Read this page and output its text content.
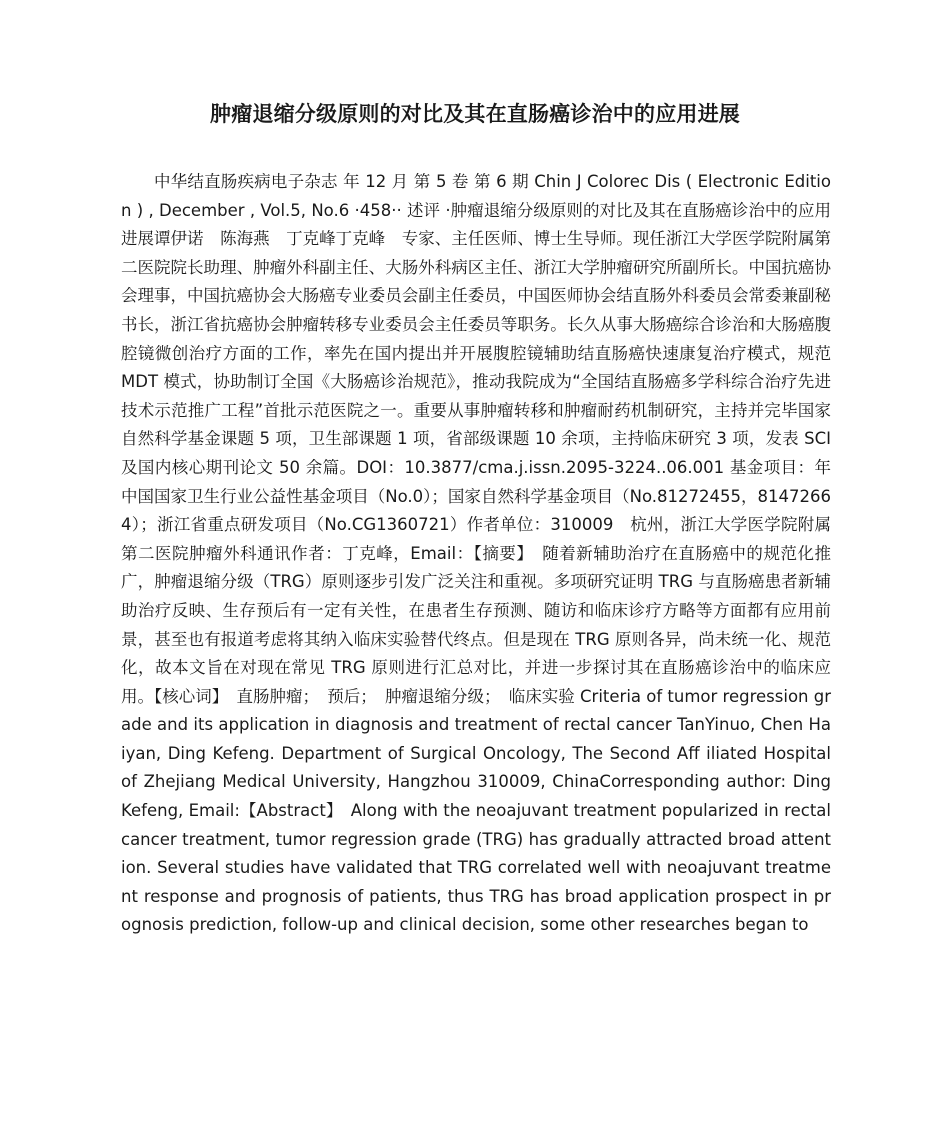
肿瘤退缩分级原则的对比及其在直肠癌诊治中的应用进展
中华结直肠疾病电子杂志 年 12 月 第 5 卷 第 6 期 Chin J Colorec Dis ( Electronic Edition ) , December , Vol.5, No.6 ·458·· 述评 ·肿瘤退缩分级原则的对比及其在直肠癌诊治中的应用进展谭伊诺　陈海燕　丁克峰丁克峰　专家、主任医师、博士生导师。现任浙江大学医学院附属第二医院院长助理、肿瘤外科副主任、大肠外科病区主任、浙江大学肿瘤研究所副所长。中国抗癌协会理事，中国抗癌协会大肠癌专业委员会副主任委员，中国医师协会结直肠外科委员会常委兼副秘书长，浙江省抗癌协会肿瘤转移专业委员会主任委员等职务。长久从事大肠癌综合诊治和大肠癌腹腔镜微创治疗方面的工作，率先在国内提出并开展腹腔镜辅助结直肠癌快速康复治疗模式，规范 MDT 模式，协助制订全国《大肠癌诊治规范》，推动我院成为“全国结直肠癌多学科综合治疗先进技术示范推广工程”首批示范医院之一。重要从事肿瘤转移和肿瘤耐药机制研究，主持并完毕国家自然科学基金课题 5 项，卫生部课题 1 项，省部级课题 10 余项，主持临床研究 3 项，发表 SCI 及国内核心期刊论文 50 余篇。DOI：10.3877/cma.j.issn.2095-3224..06.001 基金项目：年中国国家卫生行业公益性基金项目（No.0）；国家自然科学基金项目（No.81272455，81472664）；浙江省重点研发项目（No.CG1360721）作者单位：310009　杭州，浙江大学医学院附属第二医院肿瘤外科通讯作者：丁克峰，Email：【摘要】　随着新辅助治疗在直肠癌中的规范化推广，肿瘤退缩分级（TRG）原则逐步引发广泛关注和重视。多项研究证明 TRG 与直肠癌患者新辅助治疗反映、生存预后有一定有关性，在患者生存预测、随访和临床诊疗方略等方面都有应用前景，甚至也有报道考虑将其纳入临床实验替代终点。但是现在 TRG 原则各异，尚未统一化、规范化，故本文旨在对现在常见 TRG 原则进行汇总对比，并进一步探讨其在直肠癌诊治中的临床应用。【核心词】　直肠肿瘤；　预后；　肿瘤退缩分级；　临床实验 Criteria of tumor regression grade and its application in diagnosis and treatment of rectal cancer TanYinuo, Chen Haiyan, Ding Kefeng. Department of Surgical Oncology, The Second Aff iliated Hospital of Zhejiang Medical University, Hangzhou 310009, ChinaCorresponding author: Ding Kefeng, Email:【Abstract】　Along with the neoajuvant treatment popularized in rectal cancer treatment, tumor regression grade (TRG) has gradually attracted broad attention. Several studies have validated that TRG correlated well with neoajuvant treatment response and prognosis of patients, thus TRG has broad application prospect in prognosis prediction, follow-up and clinical decision, some other researches began to
